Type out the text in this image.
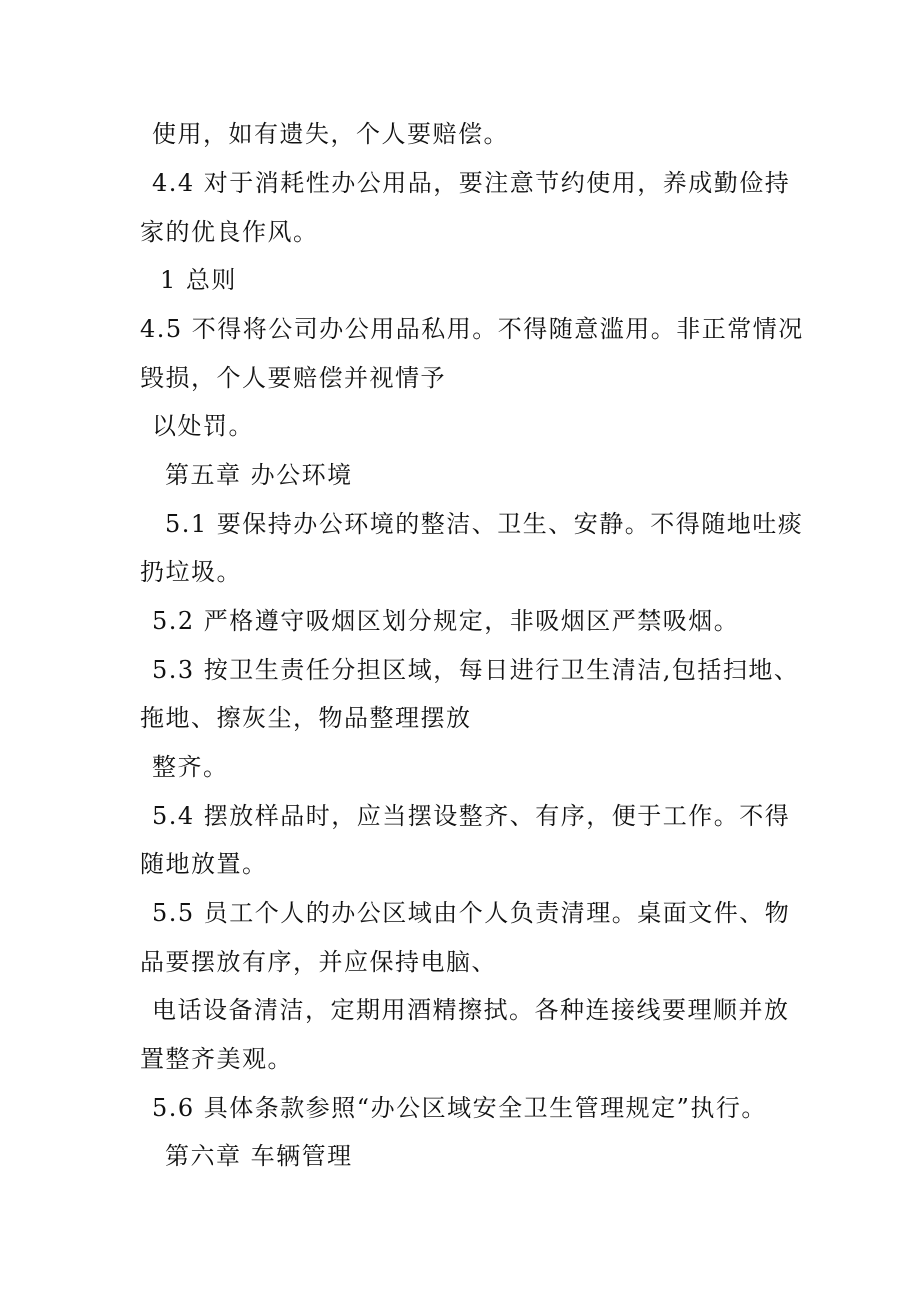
使用，如有遗失，个人要赔偿。
4.4 对于消耗性办公用品，要注意节约使用，养成勤俭持
家的优良作风。
1 总则
4.5 不得将公司办公用品私用。不得随意滥用。非正常情况
毁损，个人要赔偿并视情予
以处罚。
第五章 办公环境
5.1 要保持办公环境的整洁、卫生、安静。不得随地吐痰
扔垃圾。
5.2 严格遵守吸烟区划分规定，非吸烟区严禁吸烟。
5.3 按卫生责任分担区域，每日进行卫生清洁,包括扫地、
拖地、擦灰尘，物品整理摆放
整齐。
5.4 摆放样品时，应当摆设整齐、有序，便于工作。不得
随地放置。
5.5 员工个人的办公区域由个人负责清理。桌面文件、物
品要摆放有序，并应保持电脑、
电话设备清洁，定期用酒精擦拭。各种连接线要理顺并放
置整齐美观。
5.6 具体条款参照“办公区域安全卫生管理规定”执行。
第六章 车辆管理
